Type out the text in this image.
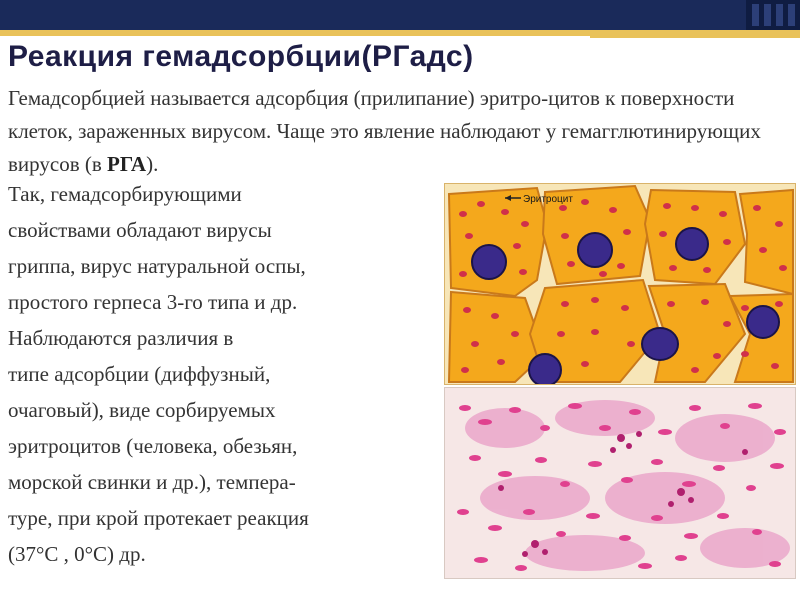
Реакция гемадсорбции(РГадс)

Гемадсорбцией называется адсорбция (прилипание) эритро-цитов к поверхности клеток, зараженных вирусом. Чаще это явление наблюдают у гемагглютинирующих вирусов (в РГА).

Так, гемадсорбирующими
свойствами обладают вирусы
гриппа, вирус натуральной оспы,
простого герпеса 3-го типа и др.
Наблюдаются различия в
типе адсорбции (диффузный,
очаговый), виде сорбируемых
эритроцитов (человека, обезьян,
морской свинки и др.), темпера-
туре, при крой протекает реакция
(37°С , 0°С) др.
Эритроцит
